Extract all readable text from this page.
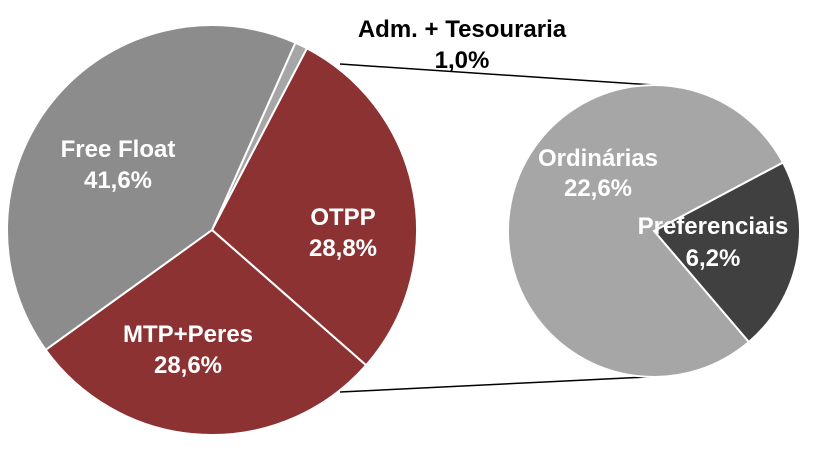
Adm. + Tesouraria
1,0%
OTPP
28,8%
MTP+Peres
28,6%
Free Float
41,6%
Ordinárias
22,6%
Preferenciais
6,2%
